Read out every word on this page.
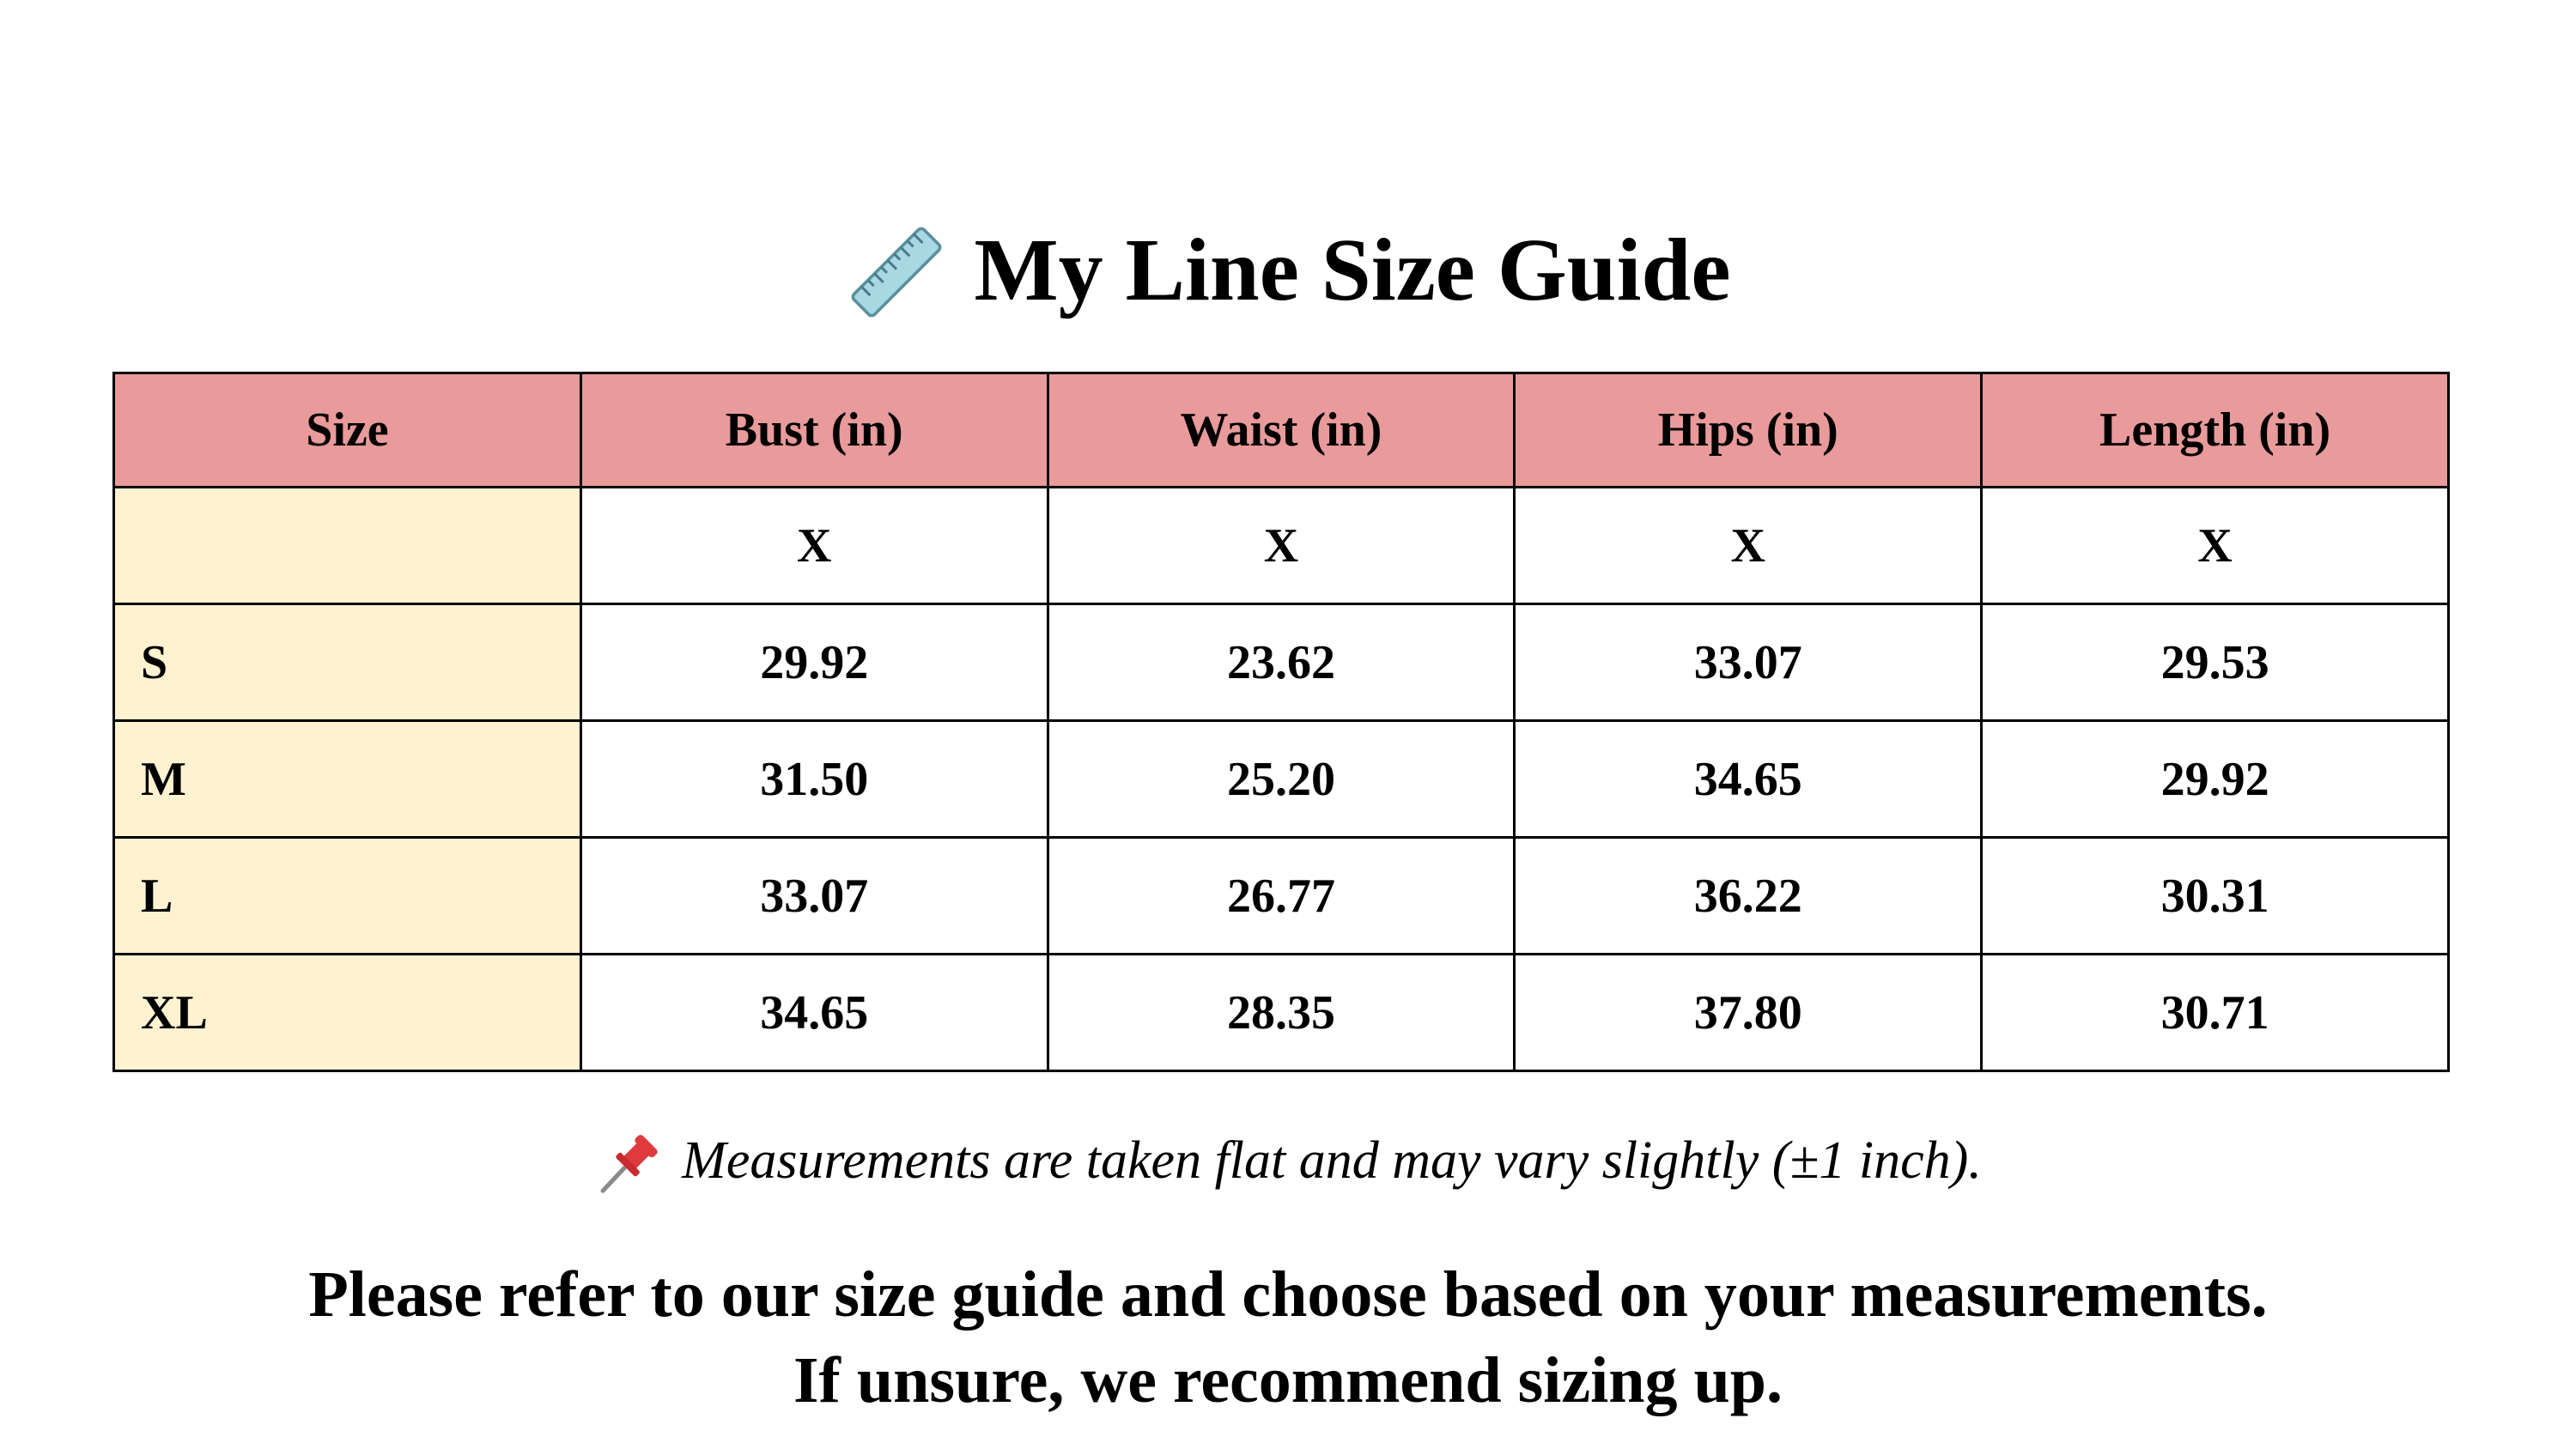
My Line Size Guide
Size	Bust (in)	Waist (in)	Hips (in)	Length (in)
	X	X	X	X
S	29.92	23.62	33.07	29.53
M	31.50	25.20	34.65	29.92
L	33.07	26.77	36.22	30.31
XL	34.65	28.35	37.80	30.71
Measurements are taken flat and may vary slightly (±1 inch).
Please refer to our size guide and choose based on your measurements.
If unsure, we recommend sizing up.
